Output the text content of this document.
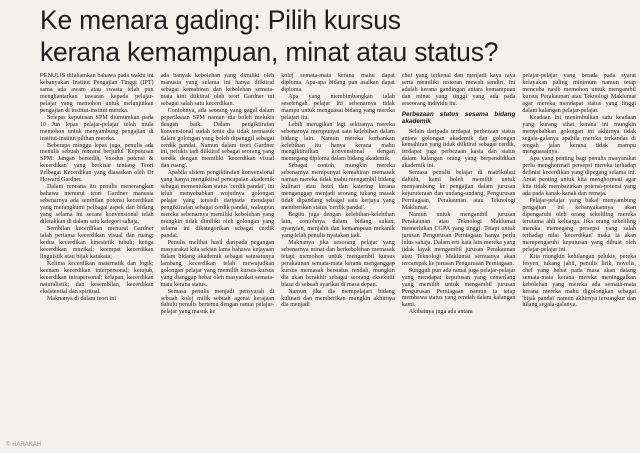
Ke menara gading: Pilih kursus
kerana kemampuan, minat atau status?

PENULIS difahamkan bahawa pada waktu ini kebanyakan Institut Pengajian Tinggi (IPT) sama ada awam atau swasta telah pun menghantarkan tawaran kepada pelajar-pelajar yang memohon untuk melanjutkan pengajian di institut-institut mereka.

Selepas keputusan SPM diumumkan pada 10 Jun lepas pelajar-pelajar telah mula memohon untuk menyambung pengajian di institut-institut pilihan mereka.

Beberapa minggu lepas juga, penulis ada menulis sebuah rencana berjudul 'Keputusan SPM: Jangan bersedih, 'exodus potensi & kecerdikan' yang berkisar tentang Teori Pelbagai Kecerdikan yang diasaskan oleh Dr Howard Gardner.

Dalam rencana itu penulis menerangkan bahawa menurut teori Gardner manusia sebenarnya ada sembilan potensi kecerdikan yang merangkumi pelbagai aspek dan bidang yang selama ini secara konvensional telah diletakkan di dalam satu kategori sahaja.

Sembilan kecerdikan menurut Gardner ialah pertama kecerdikan visual dan ruang; kedua kecerdikan kinestetik tubuh; ketiga kecerdikan muzikal; keempat kecerdikan linguistik atau bijak katakata;

Kelima kecerdikan matematik dan logik; keenam kecerdikan interpersonal; ketujuh, kecerdikan intrapersonal; kelapan, kecerdikan naturalistik; dan kesembilan, kecerdikan eksistential dan spiritual.

Maknanya di dalam teori ini

ada banyak kebolehan yang dimiliki oleh manusia yang selama ini hanya diiktiraf sebagai kemahiran dan kebolehan semata-mata kini diiktiraf oleh teori Gardner ini sebagai salah satu kecerdikan.

Contohnya, ada seorang yang gagal dalam peperiksaan SPM namun dia boleh melukis dengan baik. Dalam pengiktirafan konvensional sudah tentu dia tidak termasuk dalam golongan yang boleh dipanggil sebagai cerdik pandai. Namun dalam teori Gardner ini, pelukis tadi diiktiraf sebagai seorang yang cerdik dengan memiliki 'kecerdikan visual dan ruang'.

Apabila sistem pengiktirafan konvensional yang hanya mengiktiraf pencapaian akademik sebagai mementukan status 'cerdik pandai', ini telah menyebabkan wujudnya golongan pelajar yang tersisih daripada mendapat pengiktirafan sebagai cerdik pandai, walaupun mereka sebenarnya memiliki kebolehan yang mungkin tidak dimiliki oleh golongan yang selama ini dikategorikan sebagai cerdik pandai.

Penulis melihat hasil daripada pegangan masyarakat kita sekian lama bahawa kejayaan dalam bidang akademik sebagai satusatunya lambang kecerdikan telah mewujudkan golongan pelajar yang memilih kursus-kursus yang dianggap hebat oleh masyarakat semata-mata kerana status.

Semasa penulis menjadi pensyarah di sebuah kolej milik sebuah agensi kerajaan dahulu penulis bertemu dengan ramai pelajar-pelajar yang masuk ke

kolej semata-mata kerana mahu dapat diploma. Apa-apa bidang pun asalkan dapat diploma.

Apa yang membimbangkan ialah sesetengah pelajar ini sebenarnya tidak mampu untuk menguasai bidang yang mereka pelajari itu.

Lebih merugikan lagi sekiranya mereka sebenarnya mempunyai satu kelebihan dalam bidang lain. Namun mereka korbankan kelebihan itu hanya kerana mahu mengiktirafkan konvensional dengan memegang diploma dalam bidang akademik.

Sebagai contoh, mungkin mereka sebenarnya mempunyai kemahiran memasak namun mereka tidak mahu mengambil bidang kulinari atau hotel dan katering kerana menganggap menjadi seorang tukang masak tidak dipandang sebagai satu kerjaya yang memberikan status 'cerdik pandai'.

Begitu juga dengan kelebihan-kelebihan lain, contohnya dalam bidang sukan, nyanyian, menjahit dan kemampuan mekanik yang telah penulis nyatakan tadi.

Maknanya jika sesorang pelajar yang sebenarnya minat dan berkebolehan memasak tetapi memohon untuk mengambil kursus perakaunan semata-mata kerana menganggap kursus memasak berstatus rendah, mungkin dia akan berakhir sebagai seorang eksekutif biasa di sebuah syarikat di masa depan.

Namun jika dia mempelajari bidang kulinari dan memberikan mungkin akhirnya dia menjadi

chef yang terkenal dan menjadi kaya raya serta memiliki restoran mewah sendiri. Ini adalah kerana gandingan antara kemampuan dan minat yang tinggi yang ada pada seseorang individu itu.

Perbezaan status sesama bidang akademik

Selain daripada terdapat perbezaan status antara golongan akademik dan golongan kemahiran yang tidak diiktiraf sebagai cerdik, terdapat juga perbezaan kasta dan status dalam kalangan orang yang berpendidikan akademik ini.

Semasa penulis belajar di matrikulasi dahulu, kami boleh memilih untuk menyambung ke pengajian dalam jurusan kejuruteraan dan undang-undang, Pengurusan Perniagaan, Perakaunan atau Teknologi Maklumat.

Namun untuk mengambil jurusan Perakaunan atau Teknologi Maklumat memerlukan CGPA yang tinggi. Tetapi untuk jurusan Pengurusan Perniagaan hanya perlu lulus sahaja. Dalam erti kata lain mereka yang tidak layak mengambil jurusan Perakaunan atau Teknologi Maklumat semuanya akan tercampak ke jurusan Pengurusan Perniagaan.

Sungguh pun ada ramai juga pelajar-pelajar yang mendapat keputusan yang cemerlang yang memilih untuk mengambil jurusan Pengurusan Perniagaan namun ia tetap membawa status yang rendah dalam kalangan kami.

Akibatnya juga ada antara

pelajar-pelajar yang berada pada syarat kelayakan paling minimum namun tetap mencuba nasib memohon untuk mengambil kursus Perakaunan atau Teknologi Maklumat agar mereka mendapat status yang tinggi dalam kalangan pelajar-pelajar.

Keadaan ini menimbulkan satu keadaan yang kurang sihat kerana ini mungkin menyebabkan golongan ini akhirnya tidak segala-galanya apabila mereka terkandas di tengah jalan kerana tidak mampu menguasainya.

Apa yang penting bagi penulis masyarakat perlu menghormati persepsi mereka terhadap definisi kecerdikan yang dipegang selama ini. Amat penting untuk kita menghormati agar kita tidak membazirkan potensi-potensi yang ada pada kanak-kanak dan remaja.

Pelajar-pelajar yang bakal menyambung pengajian ini kebanyakannya akan dipengaruhi oleh orang sekeliling mereka terutama ahli keluarga. Jika orang sekeliling mereka memegang persepsi yang salah terhadap nilai 'kecerdikan' maka ia akan mempengaruhi keputusan yang dibuat oleh pelajar-pelajar ini.

Kita mungkin kehilangan pelukis, pereka fesyen, tukang jahit, penulis lirik, novelis, chef yang hebat pada masa akan datang semata-mata kerana mereka meninggalkan kebolehan yang mereka ada semata-mata kerana mereka mahu digolongkan sebagai 'bijak pandai' namun akhirnya tersungkur dan hilang segala-galanya.

© HARAKAH
